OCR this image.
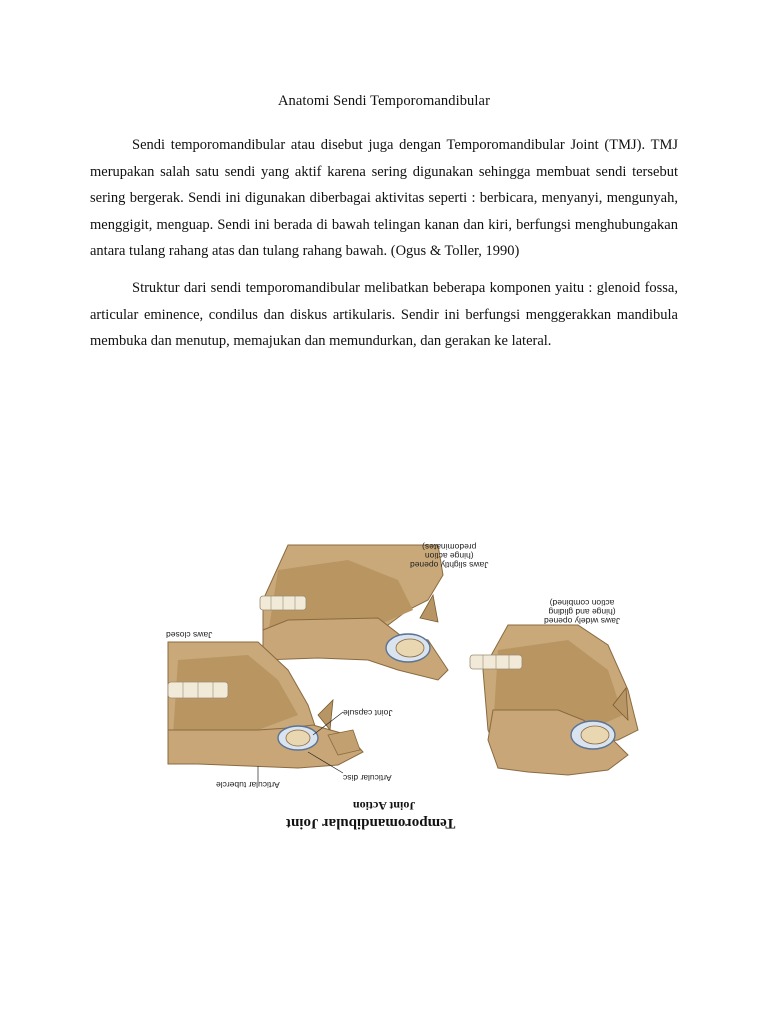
Anatomi Sendi Temporomandibular

Sendi temporomandibular atau disebut juga dengan Temporomandibular Joint (TMJ). TMJ merupakan salah satu sendi yang aktif karena sering digunakan sehingga membuat sendi tersebut sering bergerak. Sendi ini digunakan diberbagai aktivitas seperti : berbicara, menyanyi, mengunyah, menggigit, menguap. Sendi ini berada di bawah telingan kanan dan kiri, berfungsi menghubungakan antara tulang rahang atas dan tulang rahang bawah. (Ogus & Toller, 1990)

Struktur dari sendi temporomandibular melibatkan beberapa komponen yaitu : glenoid fossa, articular eminence, condilus dan diskus artikularis. Sendir ini berfungsi menggerakkan mandibula membuka dan menutup, memajukan dan memundurkan, dan gerakan ke lateral.

Jaws slightly opened
(hinge action
predominates)
Jaws widely opened
(hinge and gliding
action combined)
Jaws closed
Joint capsule
Articular disc
Articular tubercle
Joint Action
Temporomandibular Joint
